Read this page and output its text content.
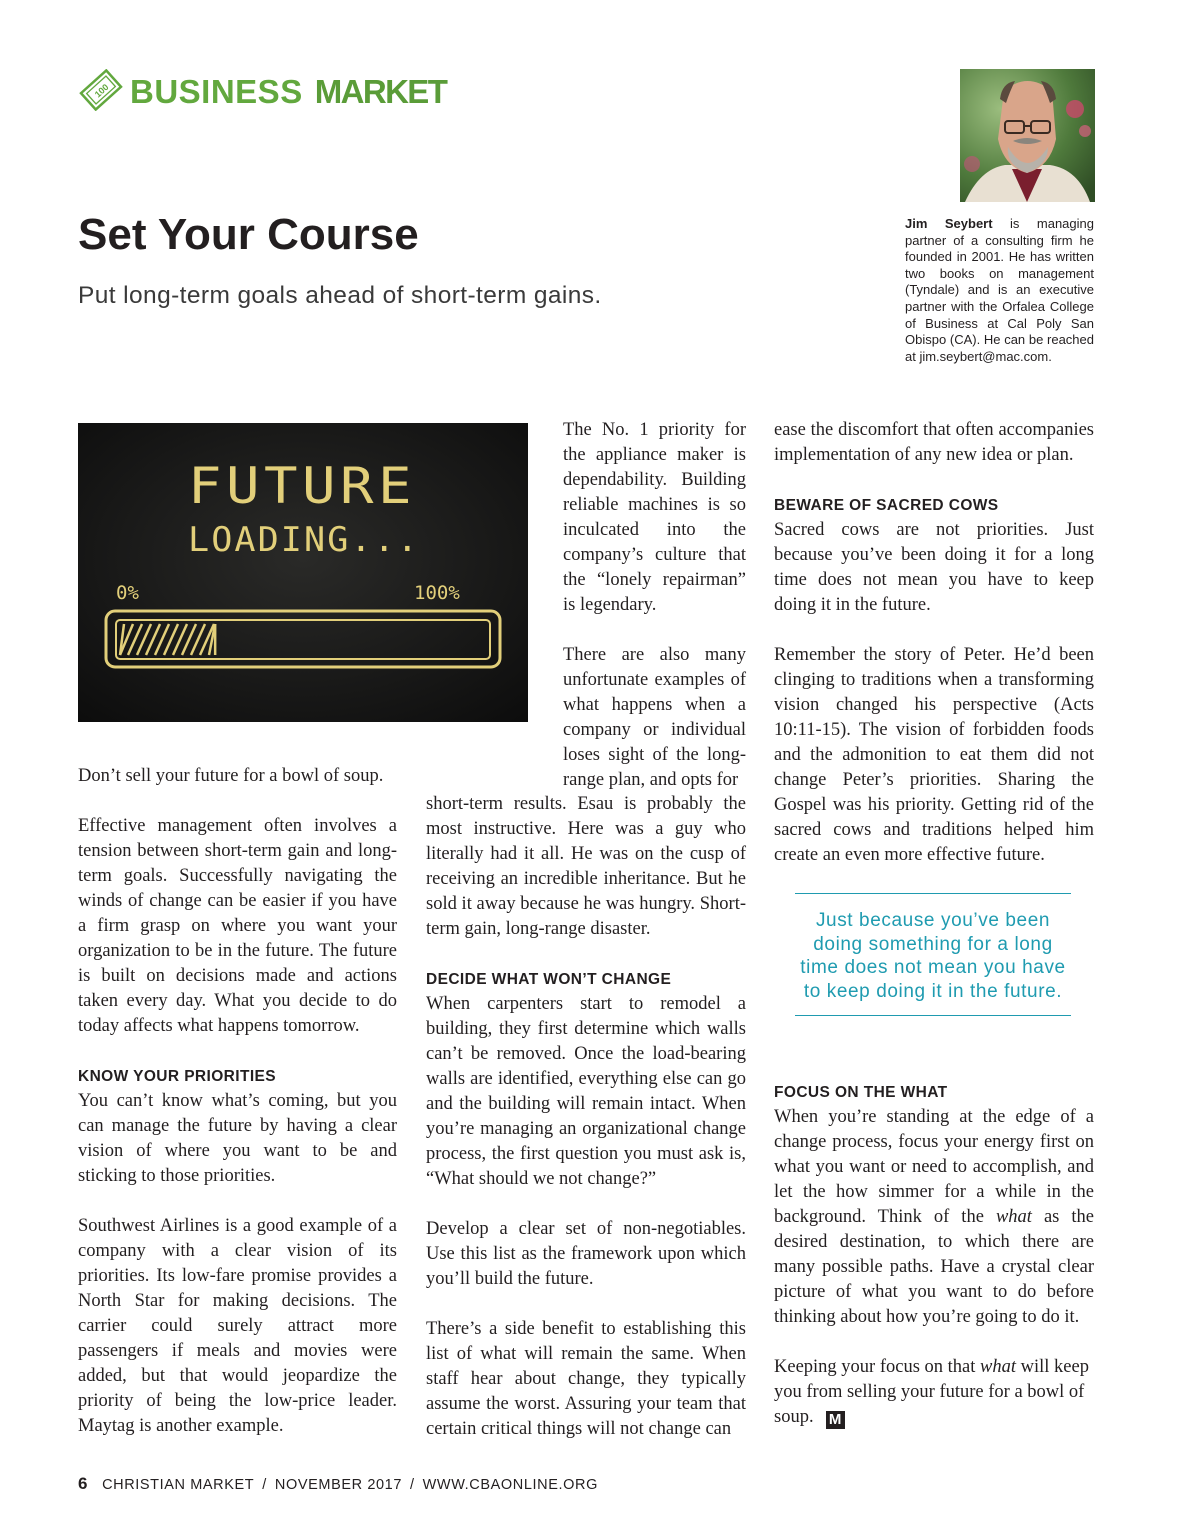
100 BUSINESS MARKET
Set Your Course

Put long-term goals ahead of short-term gains.

Jim Seybert is managing partner of a consulting firm he founded in 2001. He has written two books on management (Tyndale) and is an executive partner with the Orfalea College of Business at Cal Poly San Obispo (CA). He can be reached at jim.seybert@mac.com.

FUTURE
LOADING...
0%	100%

Don’t sell your future for a bowl of soup.

Effective management often involves a tension between short-term gain and long-term goals. Successfully navigating the winds of change can be easier if you have a firm grasp on where you want your organization to be in the future. The future is built on decisions made and actions taken every day. What you decide to do today affects what happens tomorrow.

KNOW YOUR PRIORITIES

You can’t know what’s coming, but you can manage the future by having a clear vision of where you want to be and sticking to those priorities.

Southwest Airlines is a good example of a company with a clear vision of its priorities. Its low-fare promise provides a North Star for making decisions. The carrier could surely attract more passengers if meals and movies were added, but that would jeopardize the priority of being the low-price leader. Maytag is another example.

The No. 1 priority for the appliance maker is dependability. Building reliable machines is so inculcated into the company’s culture that the “lonely repairman” is legendary.

There are also many unfortunate examples of what happens when a company or individual loses sight of the long-range plan, and opts for

short-term results. Esau is probably the most instructive. Here was a guy who literally had it all. He was on the cusp of receiving an incredible inheritance. But he sold it away because he was hungry. Short-term gain, long-range disaster.

DECIDE WHAT WON’T CHANGE

When carpenters start to remodel a building, they first determine which walls can’t be removed. Once the load-bearing walls are identified, everything else can go and the building will remain intact. When you’re managing an organizational change process, the first question you must ask is, “What should we not change?”

Develop a clear set of non-negotiables. Use this list as the framework upon which you’ll build the future.

There’s a side benefit to establishing this list of what will remain the same. When staff hear about change, they typically assume the worst. Assuring your team that certain critical things will not change can

ease the discomfort that often accompanies implementation of any new idea or plan.

BEWARE OF SACRED COWS

Sacred cows are not priorities. Just because you’ve been doing it for a long time does not mean you have to keep doing it in the future.

Remember the story of Peter. He’d been clinging to traditions when a transforming vision changed his perspective (Acts 10:11-15). The vision of forbidden foods and the admonition to eat them did not change Peter’s priorities. Sharing the Gospel was his priority. Getting rid of the sacred cows and traditions helped him create an even more effective future.

Just because you’ve been doing something for a long time does not mean you have to keep doing it in the future.
FOCUS ON THE WHAT

When you’re standing at the edge of a change process, focus your energy first on what you want or need to accomplish, and let the how simmer for a while in the background. Think of the what as the desired destination, to which there are many possible paths. Have a crystal clear picture of what you want to do before thinking about how you’re going to do it.

Keeping your focus on that what will keep you from selling your future for a bowl of soup. M

6 CHRISTIAN MARKET / NOVEMBER 2017 / WWW.CBAONLINE.ORG
